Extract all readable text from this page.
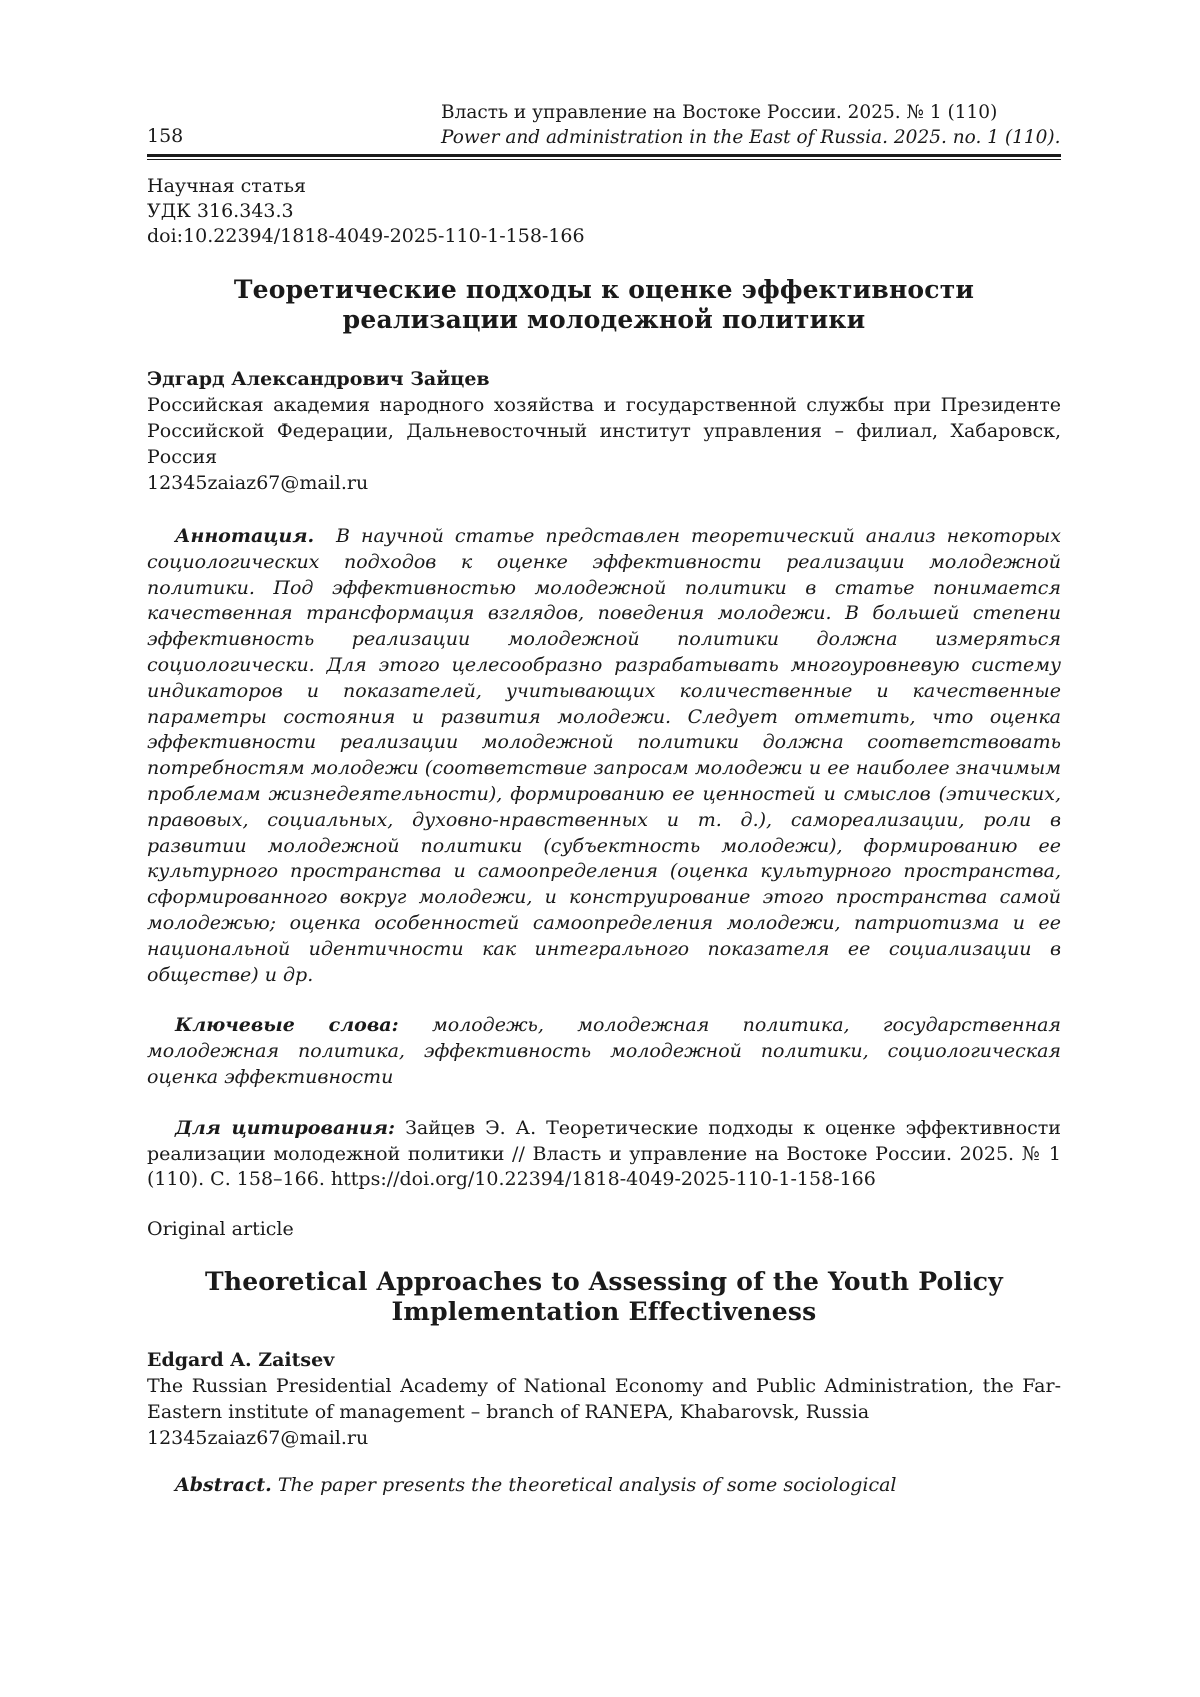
158
Власть и управление на Востоке России. 2025. № 1 (110)
Power and administration in the East of Russia. 2025. no. 1 (110).
Научная статья
УДК 316.343.3
doi:10.22394/1818-4049-2025-110-1-158-166
Теоретические подходы к оценке эффективности
реализации молодежной политики
Эдгард Александрович Зайцев
Российская академия народного хозяйства и государственной службы при Президенте Российской Федерации, Дальневосточный институт управления – филиал, Хабаровск, Россия
12345zaiaz67@mail.ru
Аннотация. В научной статье представлен теоретический анализ некоторых социологических подходов к оценке эффективности реализации молодежной политики. Под эффективностью молодежной политики в статье понимается качественная трансформация взглядов, поведения молодежи. В большей степени эффективность реализации молодежной политики должна измеряться социологически. Для этого целесообразно разрабатывать многоуровневую систему индикаторов и показателей, учитывающих количественные и качественные параметры состояния и развития молодежи. Следует отметить, что оценка эффективности реализации молодежной политики должна соответствовать потребностям молодежи (соответствие запросам молодежи и ее наиболее значимым проблемам жизнедеятельности), формированию ее ценностей и смыслов (этических, правовых, социальных, духовно-нравственных и т. д.), самореализации, роли в развитии молодежной политики (субъектность молодежи), формированию ее культурного пространства и самоопределения (оценка культурного пространства, сформированного вокруг молодежи, и конструирование этого пространства самой молодежью; оценка особенностей самоопределения молодежи, патриотизма и ее национальной идентичности как интегрального показателя ее социализации в обществе) и др.
Ключевые слова: молодежь, молодежная политика, государственная молодежная политика, эффективность молодежной политики, социологическая оценка эффективности
Для цитирования: Зайцев Э. А. Теоретические подходы к оценке эффективности реализации молодежной политики // Власть и управление на Востоке России. 2025. № 1 (110). С. 158–166. https://doi.org/10.22394/1818-4049-2025-110-1-158-166
Original article
Theoretical Approaches to Assessing of the Youth Policy
Implementation Effectiveness
Edgard A. Zaitsev
The Russian Presidential Academy of National Economy and Public Administration, the Far-Eastern institute of management – branch of RANEPA, Khabarovsk, Russia
12345zaiaz67@mail.ru
Abstract. The paper presents the theoretical analysis of some sociological
